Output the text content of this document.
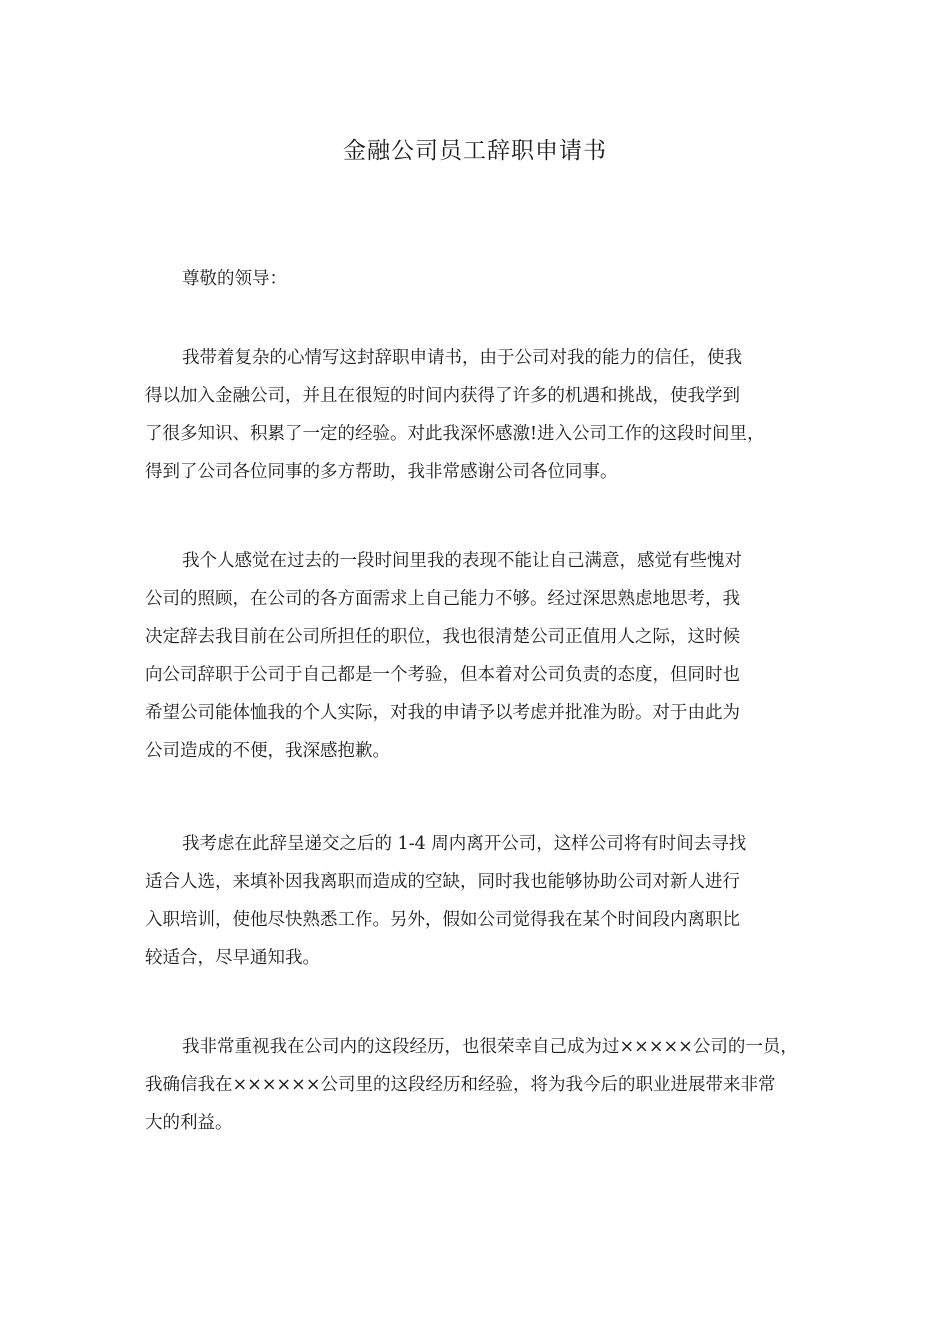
金融公司员工辞职申请书

尊敬的领导：

我带着复杂的心情写这封辞职申请书，由于公司对我的能力的信任，使我
得以加入金融公司，并且在很短的时间内获得了许多的机遇和挑战，使我学到
了很多知识、积累了一定的经验。对此我深怀感激!进入公司工作的这段时间里，
得到了公司各位同事的多方帮助，我非常感谢公司各位同事。

我个人感觉在过去的一段时间里我的表现不能让自己满意，感觉有些愧对
公司的照顾，在公司的各方面需求上自己能力不够。经过深思熟虑地思考，我
决定辞去我目前在公司所担任的职位，我也很清楚公司正值用人之际，这时候
向公司辞职于公司于自己都是一个考验，但本着对公司负责的态度，但同时也
希望公司能体恤我的个人实际，对我的申请予以考虑并批准为盼。对于由此为
公司造成的不便，我深感抱歉。

我考虑在此辞呈递交之后的 1-4 周内离开公司，这样公司将有时间去寻找
适合人选，来填补因我离职而造成的空缺，同时我也能够协助公司对新人进行
入职培训，使他尽快熟悉工作。另外，假如公司觉得我在某个时间段内离职比
较适合，尽早通知我。

我非常重视我在公司内的这段经历，也很荣幸自己成为过×××××公司的一员，
我确信我在××××××公司里的这段经历和经验，将为我今后的职业进展带来非常
大的利益。
